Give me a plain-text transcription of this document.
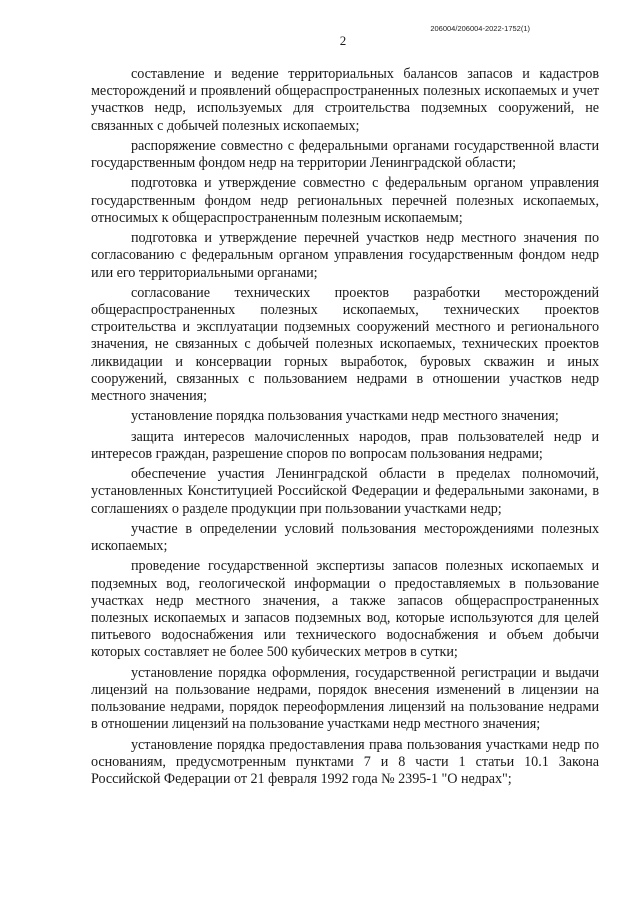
206004/206004-2022-1752(1)
2

составление и ведение территориальных балансов запасов и кадастров месторождений и проявлений общераспространенных полезных ископаемых и учет участков недр, используемых для строительства подземных сооружений, не связанных с добычей полезных ископаемых;

распоряжение совместно с федеральными органами государственной власти государственным фондом недр на территории Ленинградской области;

подготовка и утверждение совместно с федеральным органом управления государственным фондом недр региональных перечней полезных ископаемых, относимых к общераспространенным полезным ископаемым;

подготовка и утверждение перечней участков недр местного значения по согласованию с федеральным органом управления государственным фондом недр или его территориальными органами;

согласование технических проектов разработки месторождений общераспространенных полезных ископаемых, технических проектов строительства и эксплуатации подземных сооружений местного и регионального значения, не связанных с добычей полезных ископаемых, технических проектов ликвидации и консервации горных выработок, буровых скважин и иных сооружений, связанных с пользованием недрами в отношении участков недр местного значения;

установление порядка пользования участками недр местного значения;

защита интересов малочисленных народов, прав пользователей недр и интересов граждан, разрешение споров по вопросам пользования недрами;

обеспечение участия Ленинградской области в пределах полномочий, установленных Конституцией Российской Федерации и федеральными законами, в соглашениях о разделе продукции при пользовании участками недр;

участие в определении условий пользования месторождениями полезных ископаемых;

проведение государственной экспертизы запасов полезных ископаемых и подземных вод, геологической информации о предоставляемых в пользование участках недр местного значения, а также запасов общераспространенных полезных ископаемых и запасов подземных вод, которые используются для целей питьевого водоснабжения или технического водоснабжения и объем добычи которых составляет не более 500 кубических метров в сутки;

установление порядка оформления, государственной регистрации и выдачи лицензий на пользование недрами, порядок внесения изменений в лицензии на пользование недрами, порядок переоформления лицензий на пользование недрами в отношении лицензий на пользование участками недр местного значения;

установление порядка предоставления права пользования участками недр по основаниям, предусмотренным пунктами 7 и 8 части 1 статьи 10.1 Закона Российской Федерации от 21 февраля 1992 года № 2395-1 "О недрах";
